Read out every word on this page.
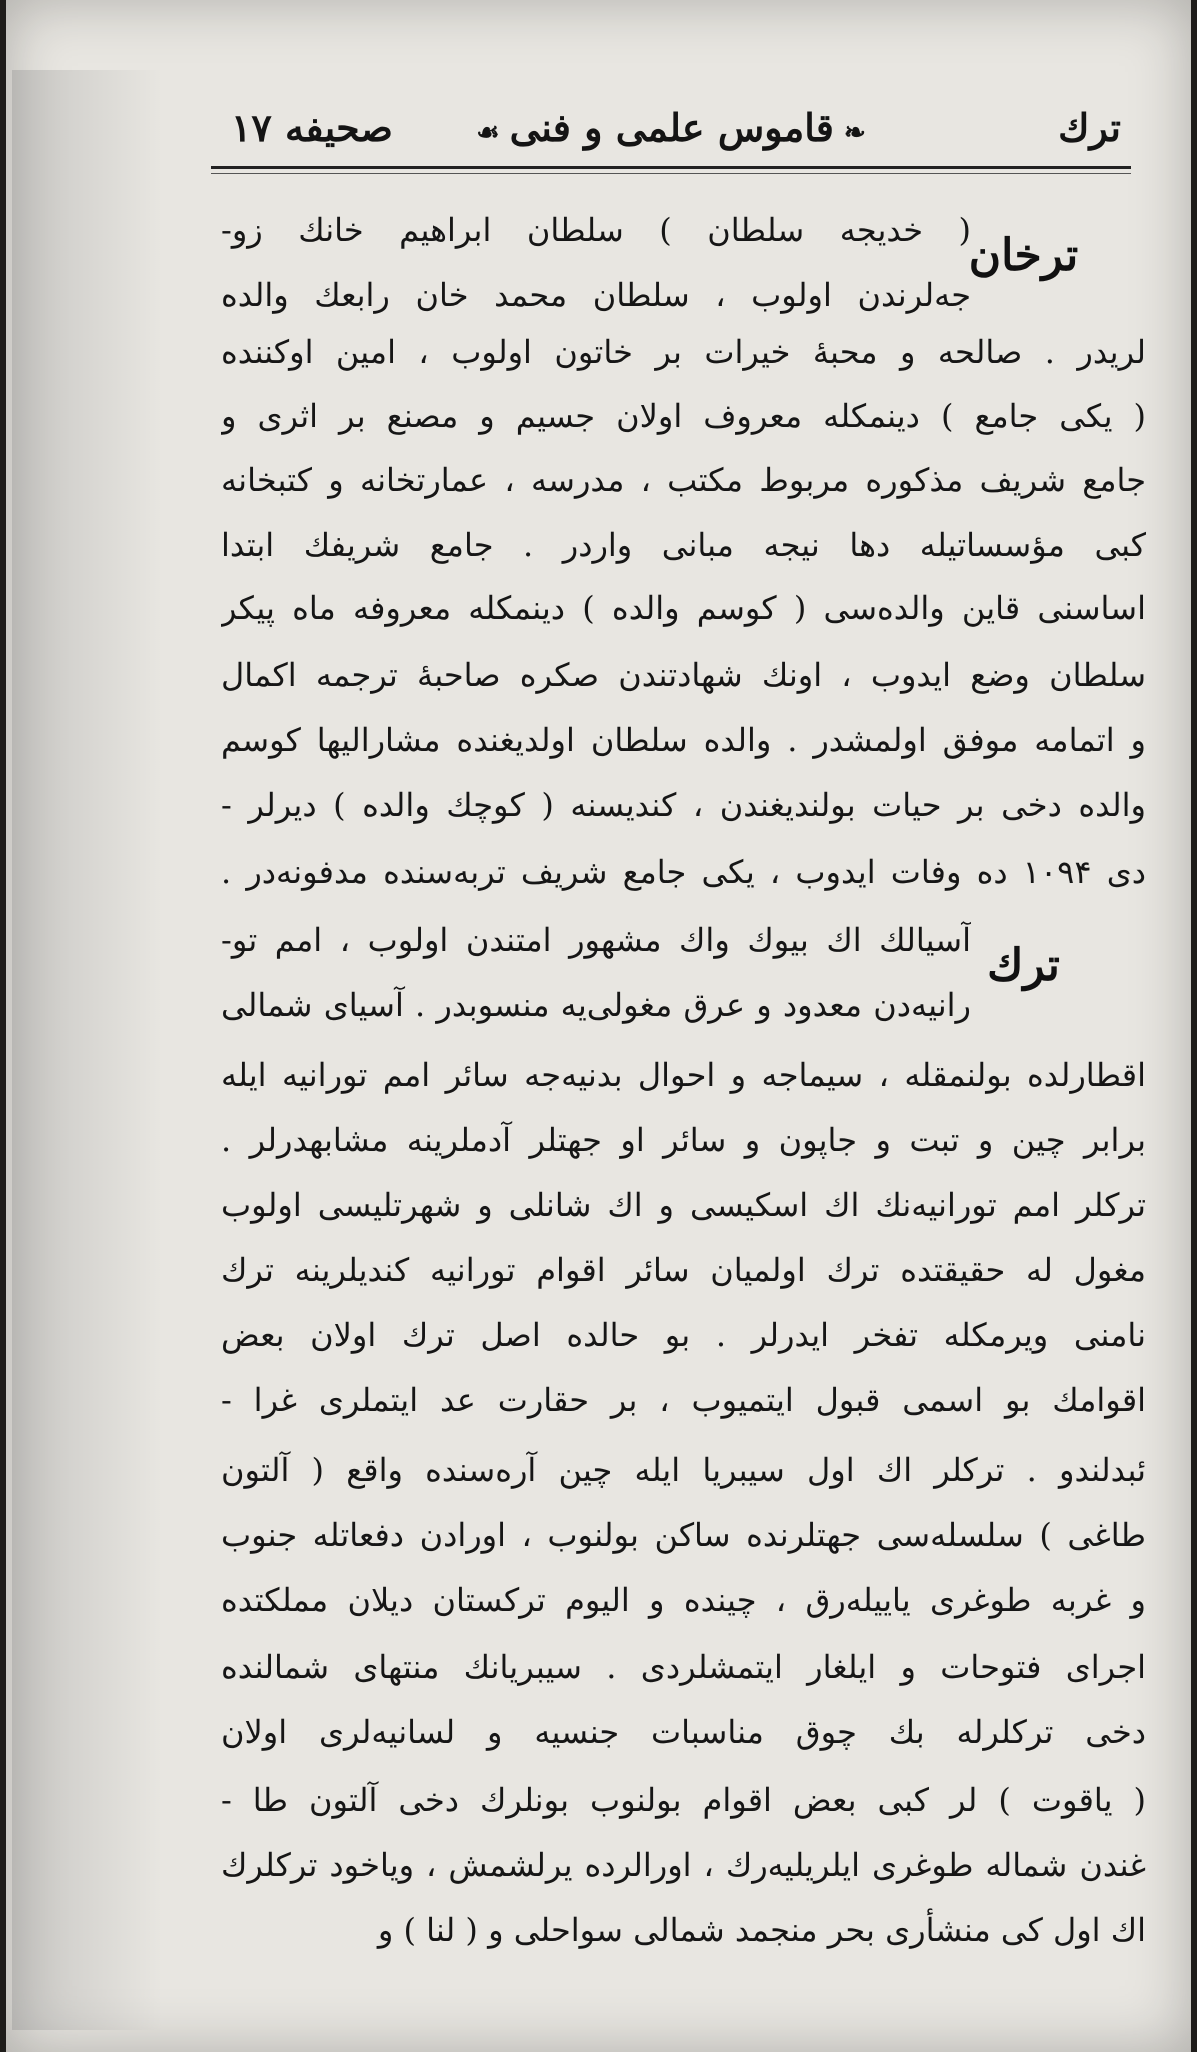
ترك
❧قاموس علمی و فنی☙
صحیفه ۱۷
ترخان
ترك
( خدیجه سلطان ) سلطان ابراهیم خانك زو-
جه‌لرندن اولوب ، سلطان محمد خان رابعك والده
لریدر . صالحه و محبۀ خیرات بر خاتون اولوب ، امین اوکننده
( یکی جامع ) دینمکله معروف اولان جسیم و مصنع بر اثری و
جامع شریف مذکوره مربوط مکتب ، مدرسه ، عمارتخانه و کتبخانه
کبی مؤسساتیله دها نیجه مبانی واردر . جامع شریفك ابتدا
اساسنی قاین والده‌سی ( کوسم والده ) دینمکله معروفه ماه پیکر
سلطان وضع ایدوب ، اونك شهادتندن صکره صاحبۀ ترجمه اکمال
و اتمامه موفق اولمشدر . والده سلطان اولدیغنده مشارالیها کوسم
والده دخی بر حیات بولندیغندن ، کندیسنه ( کوچك والده ) دیرلر -
دی ۱۰۹۴ ده وفات ایدوب ، یکی جامع شریف تربه‌سنده مدفونه‌در .
آسیالك اك بیوك واك مشهور امتندن اولوب ، امم تو-
رانیه‌دن معدود و عرق مغولی‌یه منسوبدر . آسیای شمالی
اقطارلده بولنمقله ، سیماجه و احوال بدنیه‌جه سائر امم تورانیه ایله
برابر چین و تبت و جاپون و سائر او جهتلر آدملرینه مشابهدرلر .
ترکلر امم تورانیه‌نك اك اسکیسی و اك شانلی و شهرتلیسی اولوب
مغول له حقیقتده ترك اولمیان سائر اقوام تورانیه کندیلرینه ترك
نامنی ویرمکله تفخر ایدرلر . بو حالده اصل ترك اولان بعض
اقوامك بو اسمی قبول ایتمیوب ، بر حقارت عد ایتملری غرا -
ئبدلندو . ترکلر اك اول سیبریا ایله چین آره‌سنده واقع ( آلتون
طاغی ) سلسله‌سی جهتلرنده ساکن بولنوب ، اورادن دفعاتله جنوب
و غربه طوغری یاییله‌رق ، چینده و الیوم ترکستان دیلان مملکتده
اجرای فتوحات و ایلغار ایتمشلردی . سیبریانك منتهای شمالنده
دخی ترکلرله بك چوق مناسبات جنسیه و لسانیه‌لری اولان
( یاقوت ) لر کبی بعض اقوام بولنوب بونلرك دخی آلتون طا -
غندن شماله طوغری ایلریلیه‌رك ، اورالرده یرلشمش ، ویاخود ترکلرك
اك اول کی منشأری بحر منجمد شمالی سواحلی و ( لنا ) و
